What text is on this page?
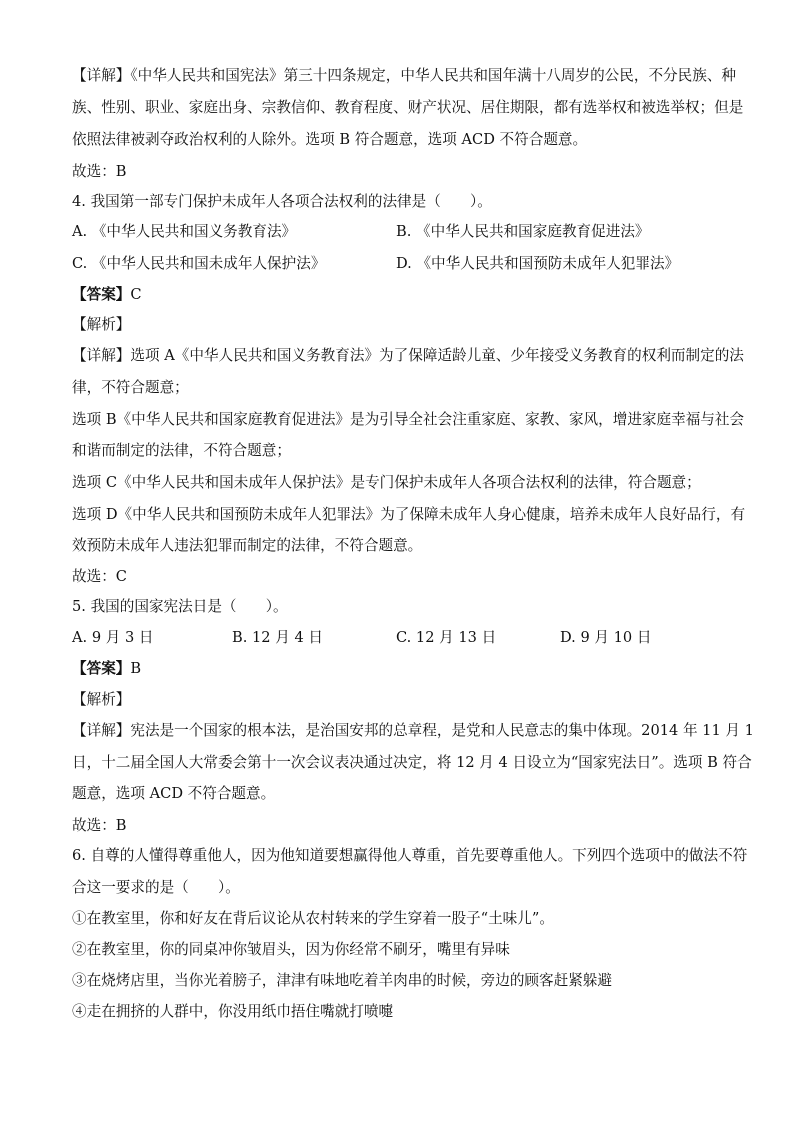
【详解】《中华人民共和国宪法》第三十四条规定，中华人民共和国年满十八周岁的公民，不分民族、种
族、性别、职业、家庭出身、宗教信仰、教育程度、财产状况、居住期限，都有选举权和被选举权；但是
依照法律被剥夺政治权利的人除外。选项 B 符合题意，选项 ACD 不符合题意。
故选：B
4. 我国第一部专门保护未成年人各项合法权利的法律是（　　）。
A. 《中华人民共和国义务教育法》	B. 《中华人民共和国家庭教育促进法》
C. 《中华人民共和国未成年人保护法》	D. 《中华人民共和国预防未成年人犯罪法》
【答案】C
【解析】
【详解】选项 A《中华人民共和国义务教育法》为了保障适龄儿童、少年接受义务教育的权利而制定的法
律，不符合题意；
选项 B《中华人民共和国家庭教育促进法》是为引导全社会注重家庭、家教、家风，增进家庭幸福与社会
和谐而制定的法律，不符合题意；
选项 C《中华人民共和国未成年人保护法》是专门保护未成年人各项合法权利的法律，符合题意；
选项 D《中华人民共和国预防未成年人犯罪法》为了保障未成年人身心健康，培养未成年人良好品行，有
效预防未成年人违法犯罪而制定的法律，不符合题意。
故选：C
5. 我国的国家宪法日是（　　）。
A. 9 月 3 日	B. 12 月 4 日	C. 12 月 13 日	D. 9 月 10 日
【答案】B
【解析】
【详解】宪法是一个国家的根本法，是治国安邦的总章程，是党和人民意志的集中体现。2014 年 11 月 1
日，十二届全国人大常委会第十一次会议表决通过决定，将 12 月 4 日设立为“国家宪法日”。选项 B 符合
题意，选项 ACD 不符合题意。
故选：B
6. 自尊的人懂得尊重他人，因为他知道要想赢得他人尊重，首先要尊重他人。下列四个选项中的做法不符
合这一要求的是（　　）。
①在教室里，你和好友在背后议论从农村转来的学生穿着一股子“土味儿”。
②在教室里，你的同桌冲你皱眉头，因为你经常不刷牙，嘴里有异味
③在烧烤店里，当你光着膀子，津津有味地吃着羊肉串的时候，旁边的顾客赶紧躲避
④走在拥挤的人群中，你没用纸巾捂住嘴就打喷嚏
